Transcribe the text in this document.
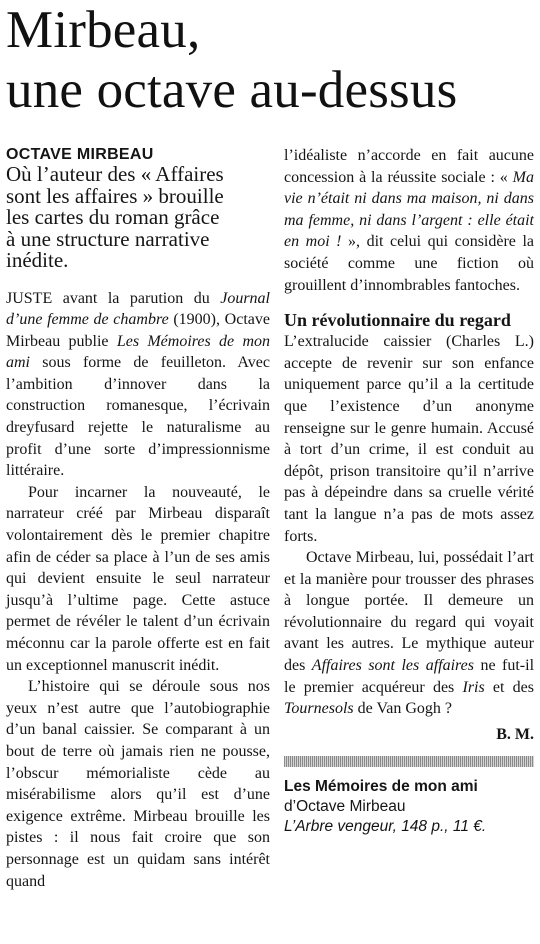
Mirbeau,
une octave au-dessus
OCTAVE MIRBEAU
Où l’auteur des « Affaires sont les affaires » brouille les cartes du roman grâce à une structure narrative inédite.

JUSTE avant la parution du Journal d’une femme de chambre (1900), Octave Mirbeau publie Les Mémoires de mon ami sous forme de feuilleton. Avec l’ambition d’innover dans la construction romanesque, l’écrivain dreyfusard rejette le naturalisme au profit d’une sorte d’impressionnisme littéraire.

Pour incarner la nouveauté, le narrateur créé par Mirbeau disparaît volontairement dès le premier chapitre afin de céder sa place à l’un de ses amis qui devient ensuite le seul narrateur jusqu’à l’ultime page. Cette astuce permet de révéler le talent d’un écrivain méconnu car la parole offerte est en fait un exceptionnel manuscrit inédit.

L’histoire qui se déroule sous nos yeux n’est autre que l’autobiographie d’un banal caissier. Se comparant à un bout de terre où jamais rien ne pousse, l’obscur mémorialiste cède au misérabilisme alors qu’il est d’une exigence extrême. Mirbeau brouille les pistes : il nous fait croire que son personnage est un quidam sans intérêt quand

l’idéaliste n’accorde en fait aucune concession à la réussite sociale : « Ma vie n’était ni dans ma maison, ni dans ma femme, ni dans l’argent : elle était en moi ! », dit celui qui considère la société comme une fiction où grouillent d’innombrables fantoches.

Un révolutionnaire du regard

L’extralucide caissier (Charles L.) accepte de revenir sur son enfance uniquement parce qu’il a la certitude que l’existence d’un anonyme renseigne sur le genre humain. Accusé à tort d’un crime, il est conduit au dépôt, prison transitoire qu’il n’arrive pas à dépeindre dans sa cruelle vérité tant la langue n’a pas de mots assez forts.

Octave Mirbeau, lui, possédait l’art et la manière pour trousser des phrases à longue portée. Il demeure un révolutionnaire du regard qui voyait avant les autres. Le mythique auteur des Affaires sont les affaires ne fut-il le premier acquéreur des Iris et des Tournesols de Van Gogh ?

B. M.
Les Mémoires de mon ami
d’Octave Mirbeau
L’Arbre vengeur, 148 p., 11 €.
